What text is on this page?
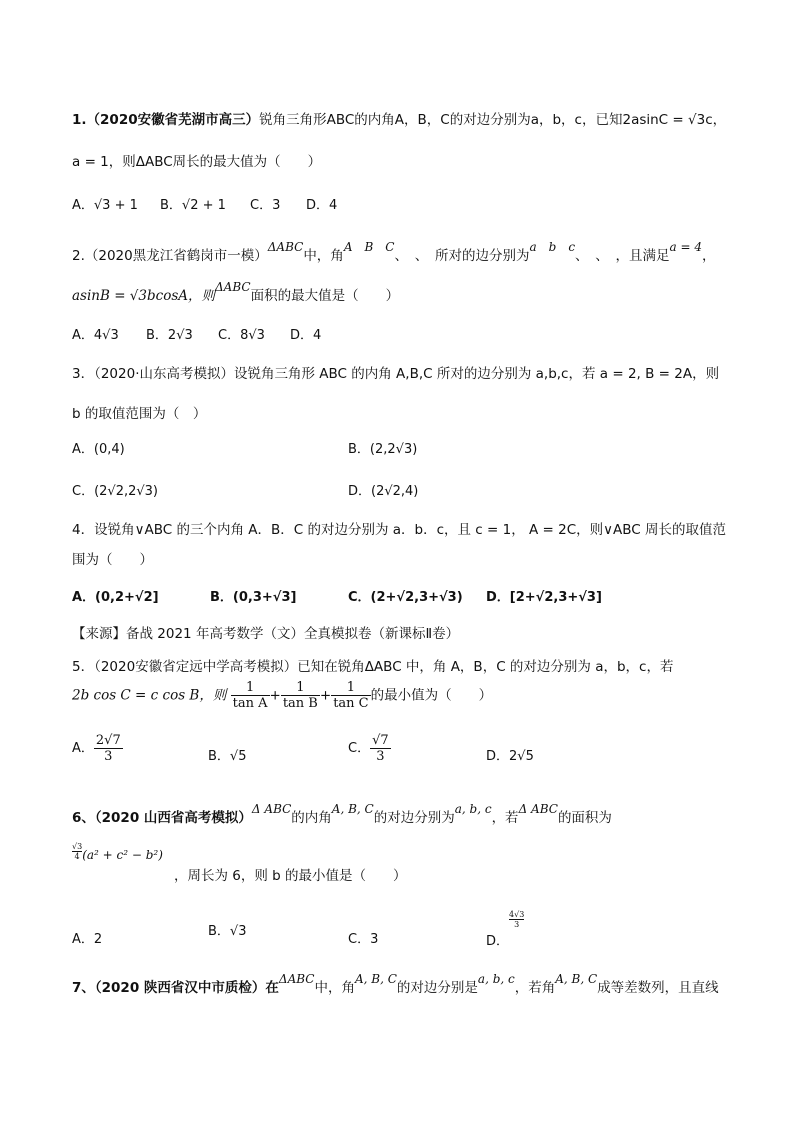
1.（2020安徽省芜湖市高三）锐角三角形ABC的内角A，B，C的对边分别为a，b，c，已知2asinC = √3c，
a = 1，则ΔABC周长的最大值为（　　）
A．√3 + 1 B．√2 + 1 C．3 D．4
2.（2020黑龙江省鹤岗市一模）ΔABC中，角A　B　C、　、　所对的边分别为a　b　c、　、　，且满足a = 4，
asinB = √3bcosA，则ΔABC面积的最大值是（　　）
A．4√3 B．2√3 C．8√3 D．4
3．（2020·山东高考模拟）设锐角三角形 ABC 的内角 A,B,C 所对的边分别为 a,b,c，若 a = 2, B = 2A，则
b 的取值范围为（　）
A．(0,4)	B．(2,2√3)
C．(2√2,2√3)	D．(2√2,4)
4．设锐角∨ABC 的三个内角 A．B．C 的对边分别为 a．b．c，且 c = 1， A = 2C，则∨ABC 周长的取值范
围为（　　）
A．(0,2+√2]	B．(0,3+√3]	C．(2+√2,3+√3) D．[2+√2,3+√3]
【来源】备战 2021 年高考数学（文）全真模拟卷（新课标Ⅱ卷）
5．（2020安徽省定远中学高考模拟）已知在锐角ΔABC 中，角 A，B，C 的对边分别为 a，b，c，若
2b cos C = c cos B，则 $\frac{1}{\text{tan A}} + \frac{1}{\text{tan B}} + \frac{1}{\text{tan C}}$ 的最小值为（　　）
A． $\frac{2√7}{3}$	B．√5
C． $\frac{√7}{3}$	D．2√5
6、（2020 山西省高考模拟）Δ ABC的内角A, B, C的对边分别为a, b, c，若Δ ABC的面积为
$\frac{√3}{4}(a^2 + c^2 - b^2)$
，周长为 6，则 b 的最小值是（　　）
A．2
B．√3
C．3	D．
$\frac{4√3}{3}$
7、（2020 陕西省汉中市质检）在ΔABC中，角A, B, C的对边分别是a, b, c，若角A, B, C成等差数列，且直线
